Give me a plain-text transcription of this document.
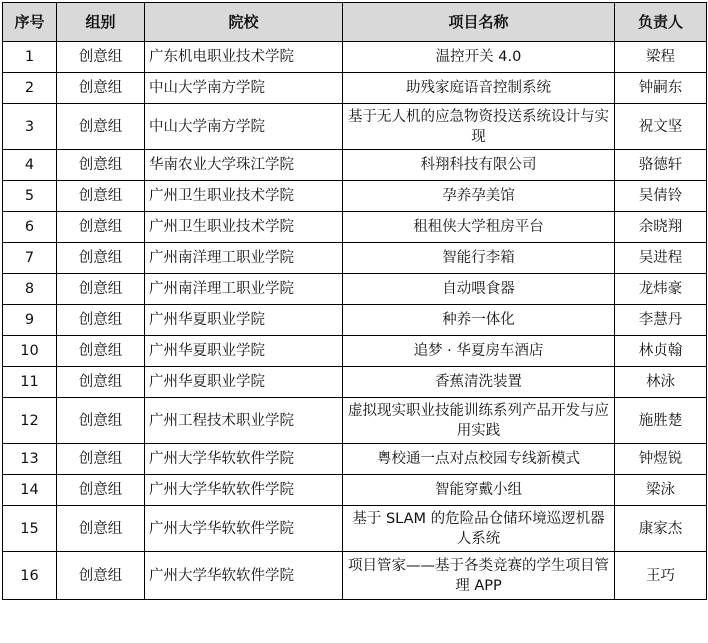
序号	组别	院校	项目名称	负责人
1	创意组	广东机电职业技术学院	温控开关 4.0	梁程
2	创意组	中山大学南方学院	助残家庭语音控制系统	钟嗣东
3	创意组	中山大学南方学院	基于无人机的应急物资投送系统设计与实现	祝文坚
4	创意组	华南农业大学珠江学院	科翔科技有限公司	骆德轩
5	创意组	广州卫生职业技术学院	孕养孕美馆	吴倩铃
6	创意组	广州卫生职业技术学院	租租侠大学租房平台	余晓翔
7	创意组	广州南洋理工职业学院	智能行李箱	吴进程
8	创意组	广州南洋理工职业学院	自动喂食器	龙炜豪
9	创意组	广州华夏职业学院	种养一体化	李慧丹
10	创意组	广州华夏职业学院	追梦 · 华夏房车酒店	林贞翰
11	创意组	广州华夏职业学院	香蕉清洗装置	林泳
12	创意组	广州工程技术职业学院	虚拟现实职业技能训练系列产品开发与应用实践	施胜楚
13	创意组	广州大学华软软件学院	粤校通一点对点校园专线新模式	钟煜锐
14	创意组	广州大学华软软件学院	智能穿戴小组	梁泳
15	创意组	广州大学华软软件学院	基于 SLAM 的危险品仓储环境巡逻机器人系统	康家杰
16	创意组	广州大学华软软件学院	项目管家——基于各类竞赛的学生项目管理 APP	王巧
